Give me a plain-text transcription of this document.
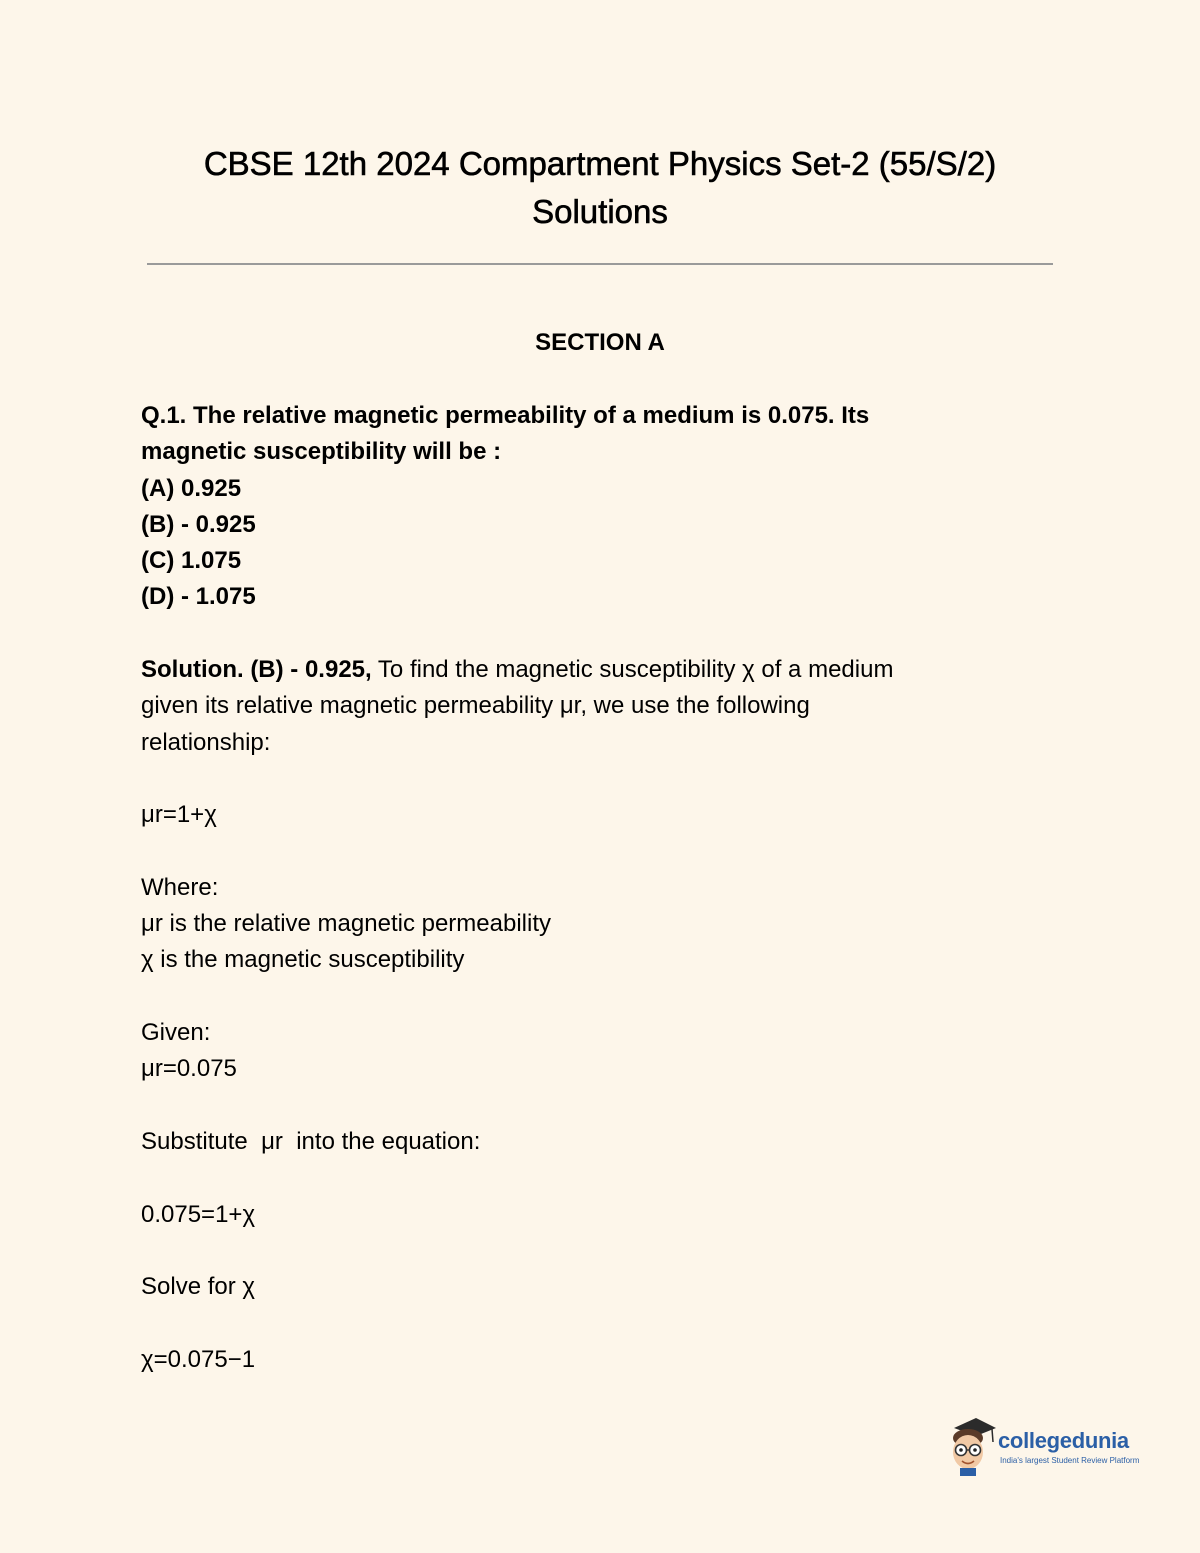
CBSE 12th 2024 Compartment Physics Set-2 (55/S/2)
Solutions
SECTION A

Q.1. The relative magnetic permeability of a medium is 0.075. Its

magnetic susceptibility will be :

(A) 0.925

(B) - 0.925

(C) 1.075

(D) - 1.075

Solution. (B) - 0.925, To find the magnetic susceptibility χ of a medium

given its relative magnetic permeability μr, we use the following

relationship:

μr=1+χ

Where:

μr is the relative magnetic permeability

χ is the magnetic susceptibility

Given:

μr=0.075

Substitute  μr  into the equation:

0.075=1+χ

Solve for χ

χ=0.075−1

collegedunia
India's largest Student Review Platform
